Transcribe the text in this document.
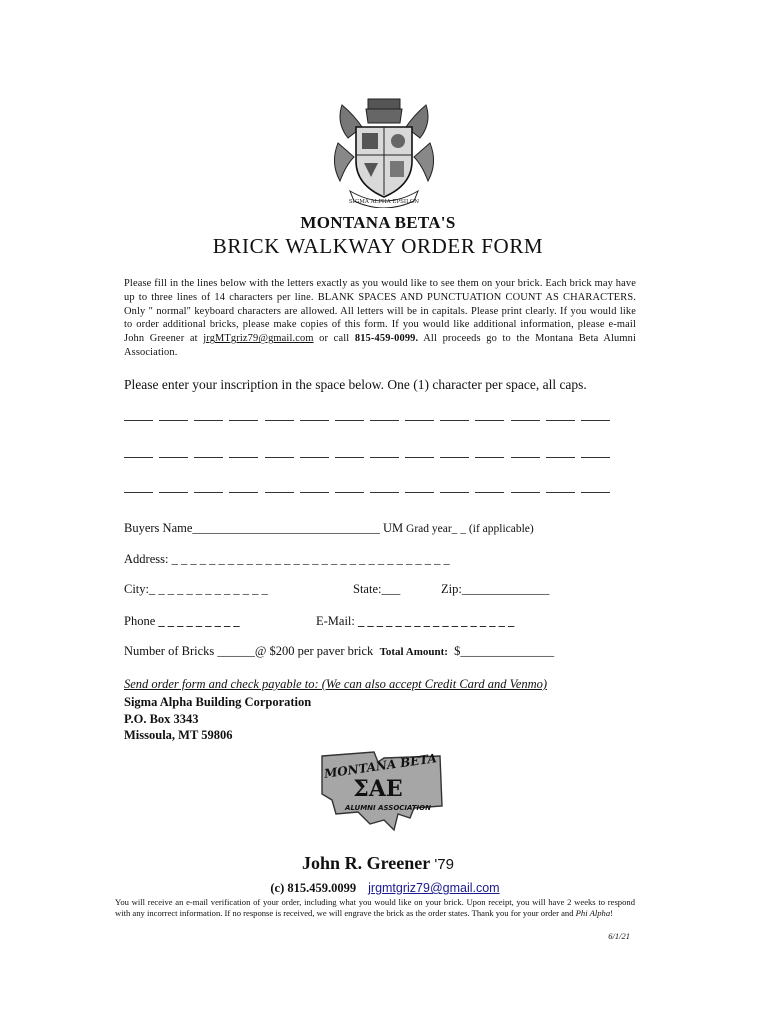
SIGMA ALPHA EPSILON
MONTANA BETA'S
BRICK WALKWAY ORDER FORM
Please fill in the lines below with the letters exactly as you would like to see them on your brick. Each brick may have up to three lines of 14 characters per line. BLANK SPACES AND PUNCTUATION COUNT AS CHARACTERS. Only " normal" keyboard characters are allowed. All letters will be in capitals. Please print clearly. If you would like to order additional bricks, please make copies of this form. If you would like additional information, please e-mail John Greener at jrgMTgriz79@gmail.com or call 815-459-0099. All proceeds go to the Montana Beta Alumni Association.
Please enter your inscription in the space below. One (1) character per space, all caps.
Buyers Name______________________________ UM Grad year_ _ (if applicable)
Address: _ _ _ _ _ _ _ _ _ _ _ _ _ _ _ _ _ _ _ _ _ _ _ _ _ _ _ _ _ _
City:_ _ _ _ _ _ _ _ _ _ _ _ _	State:___	Zip:______________
Phone _ _ _ _ _ _ _ _ _	E-Mail: _ _ _ _ _ _ _ _ _ _ _ _ _ _ _ _ _
Number of Bricks ______@ $200 per paver brick Total Amount: $_______________
Send order form and check payable to: (We can also accept Credit Card and Venmo)
Sigma Alpha Building Corporation
P.O. Box 3343
Missoula, MT 59806
MONTANA BETA
ΣΑΕ
ALUMNI ASSOCIATION
John R. Greener '79
(c) 815.459.0099 jrgmtgriz79@gmail.com
You will receive an e-mail verification of your order, including what you would like on your brick. Upon receipt, you will have 2 weeks to respond with any incorrect information. If no response is received, we will engrave the brick as the order states. Thank you for your order and Phi Alpha!
6/1/21
